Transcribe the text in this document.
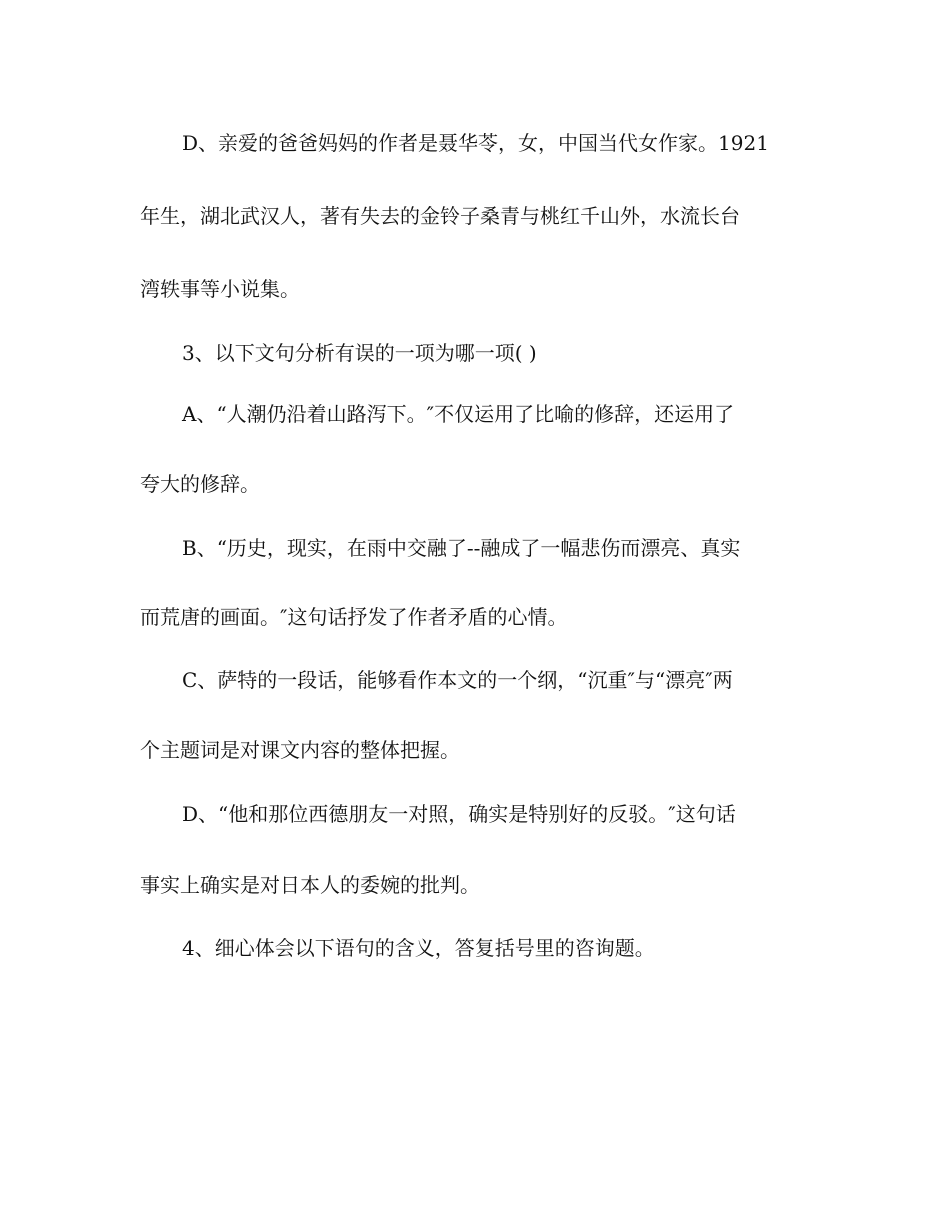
D、亲爱的爸爸妈妈的作者是聂华苓，女，中国当代女作家。1921
年生，湖北武汉人，著有失去的金铃子桑青与桃红千山外，水流长台
湾轶事等小说集。
3、以下文句分析有误的一项为哪一项( )
A、“人潮仍沿着山路泻下。″不仅运用了比喻的修辞，还运用了
夸大的修辞。
B、“历史，现实，在雨中交融了--融成了一幅悲伤而漂亮、真实
而荒唐的画面。″这句话抒发了作者矛盾的心情。
C、萨特的一段话，能够看作本文的一个纲，“沉重″与“漂亮″两
个主题词是对课文内容的整体把握。
D、“他和那位西德朋友一对照，确实是特别好的反驳。″这句话
事实上确实是对日本人的委婉的批判。
4、细心体会以下语句的含义，答复括号里的咨询题。
